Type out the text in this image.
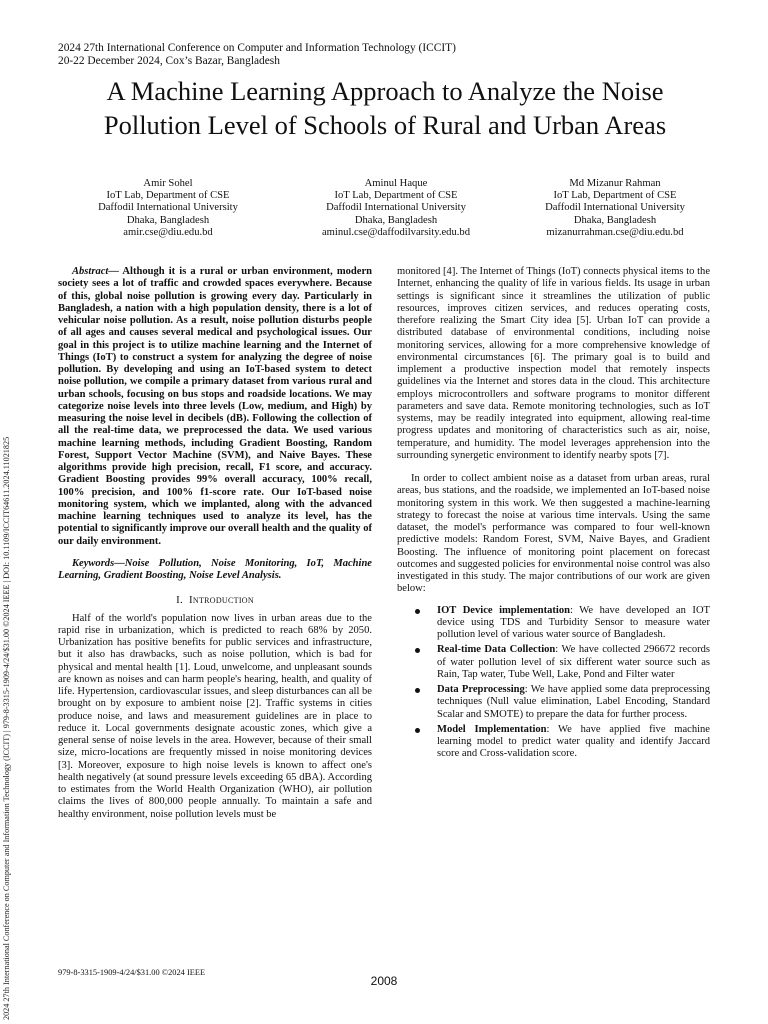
2024 27th International Conference on Computer and Information Technology (ICCIT)
20-22 December 2024, Cox’s Bazar, Bangladesh
A Machine Learning Approach to Analyze the Noise Pollution Level of Schools of Rural and Urban Areas
Amir Sohel
IoT Lab, Department of CSE
Daffodil International University
Dhaka, Bangladesh
amir.cse@diu.edu.bd
Aminul Haque
IoT Lab, Department of CSE
Daffodil International University
Dhaka, Bangladesh
aminul.cse@daffodilvarsity.edu.bd
Md Mizanur Rahman
IoT Lab, Department of CSE
Daffodil International University
Dhaka, Bangladesh
mizanurrahman.cse@diu.edu.bd
2024 27th International Conference on Computer and Information Technology (ICCIT) | 979-8-3315-1909-4/24/$31.00 ©2024 IEEE | DOI: 10.1109/ICCIT64611.2024.11021825

Abstract— Although it is a rural or urban environment, modern society sees a lot of traffic and crowded spaces everywhere. Because of this, global noise pollution is growing every day. Particularly in Bangladesh, a nation with a high population density, there is a lot of vehicular noise pollution. As a result, noise pollution disturbs people of all ages and causes several medical and psychological issues. Our goal in this project is to utilize machine learning and the Internet of Things (IoT) to construct a system for analyzing the degree of noise pollution. By developing and using an IoT-based system to detect noise pollution, we compile a primary dataset from various rural and urban schools, focusing on bus stops and roadside locations. We may categorize noise levels into three levels (Low, medium, and High) by measuring the noise level in decibels (dB). Following the collection of all the real-time data, we preprocessed the data. We used various machine learning methods, including Gradient Boosting, Random Forest, Support Vector Machine (SVM), and Naive Bayes. These algorithms provide high precision, recall, F1 score, and accuracy. Gradient Boosting provides 99% overall accuracy, 100% recall, 100% precision, and 100% f1-score rate. Our IoT-based noise monitoring system, which we implanted, along with the advanced machine learning techniques used to analyze its level, has the potential to significantly improve our overall health and the quality of our daily environment.

Keywords—Noise Pollution, Noise Monitoring, IoT, Machine Learning, Gradient Boosting, Noise Level Analysis.

I. Introduction

Half of the world's population now lives in urban areas due to the rapid rise in urbanization, which is predicted to reach 68% by 2050. Urbanization has positive benefits for public services and infrastructure, but it also has drawbacks, such as noise pollution, which is bad for physical and mental health [1]. Loud, unwelcome, and unpleasant sounds are known as noises and can harm people's hearing, health, and quality of life. Hypertension, cardiovascular issues, and sleep disturbances can all be brought on by exposure to ambient noise [2]. Traffic systems in cities produce noise, and laws and measurement guidelines are in place to reduce it. Local governments designate acoustic zones, which give a general sense of noise levels in the area. However, because of their small size, micro-locations are frequently missed in noise monitoring devices [3]. Moreover, exposure to high noise levels is known to affect one's health negatively (at sound pressure levels exceeding 65 dBA). According to estimates from the World Health Organization (WHO), air pollution claims the lives of 800,000 people annually. To maintain a safe and healthy environment, noise pollution levels must be

monitored [4]. The Internet of Things (IoT) connects physical items to the Internet, enhancing the quality of life in various fields. Its usage in urban settings is significant since it streamlines the utilization of public resources, improves citizen services, and reduces operating costs, therefore realizing the Smart City idea [5]. Urban IoT can provide a distributed database of environmental conditions, including noise monitoring services, allowing for a more comprehensive knowledge of environmental circumstances [6]. The primary goal is to build and implement a productive inspection model that remotely inspects guidelines via the Internet and stores data in the cloud. This architecture employs microcontrollers and software programs to monitor different parameters and save data. Remote monitoring technologies, such as IoT systems, may be readily integrated into equipment, allowing real-time progress updates and monitoring of characteristics such as air, noise, temperature, and humidity. The model leverages apprehension into the surrounding synergetic environment to identify nearby spots [7].

In order to collect ambient noise as a dataset from urban areas, rural areas, bus stations, and the roadside, we implemented an IoT-based noise monitoring system in this work. We then suggested a machine-learning strategy to forecast the noise at various time intervals. Using the same dataset, the model's performance was compared to four well-known predictive models: Random Forest, SVM, Naive Bayes, and Gradient Boosting. The influence of monitoring point placement on forecast outcomes and suggested policies for environmental noise control was also investigated in this study. The major contributions of our work are given below:

IOT Device implementation: We have developed an IOT device using TDS and Turbidity Sensor to measure water pollution level of various water source of Bangladesh.
Real-time Data Collection: We have collected 296672 records of water pollution level of six different water source such as Rain, Tap water, Tube Well, Lake, Pond and Filter water
Data Preprocessing: We have applied some data preprocessing techniques (Null value elimination, Label Encoding, Standard Scalar and SMOTE) to prepare the data for further process.
Model Implementation: We have applied five machine learning model to predict water quality and identify Jaccard score and Cross-validation score.
979-8-3315-1909-4/24/$31.00 ©2024 IEEE
2008
